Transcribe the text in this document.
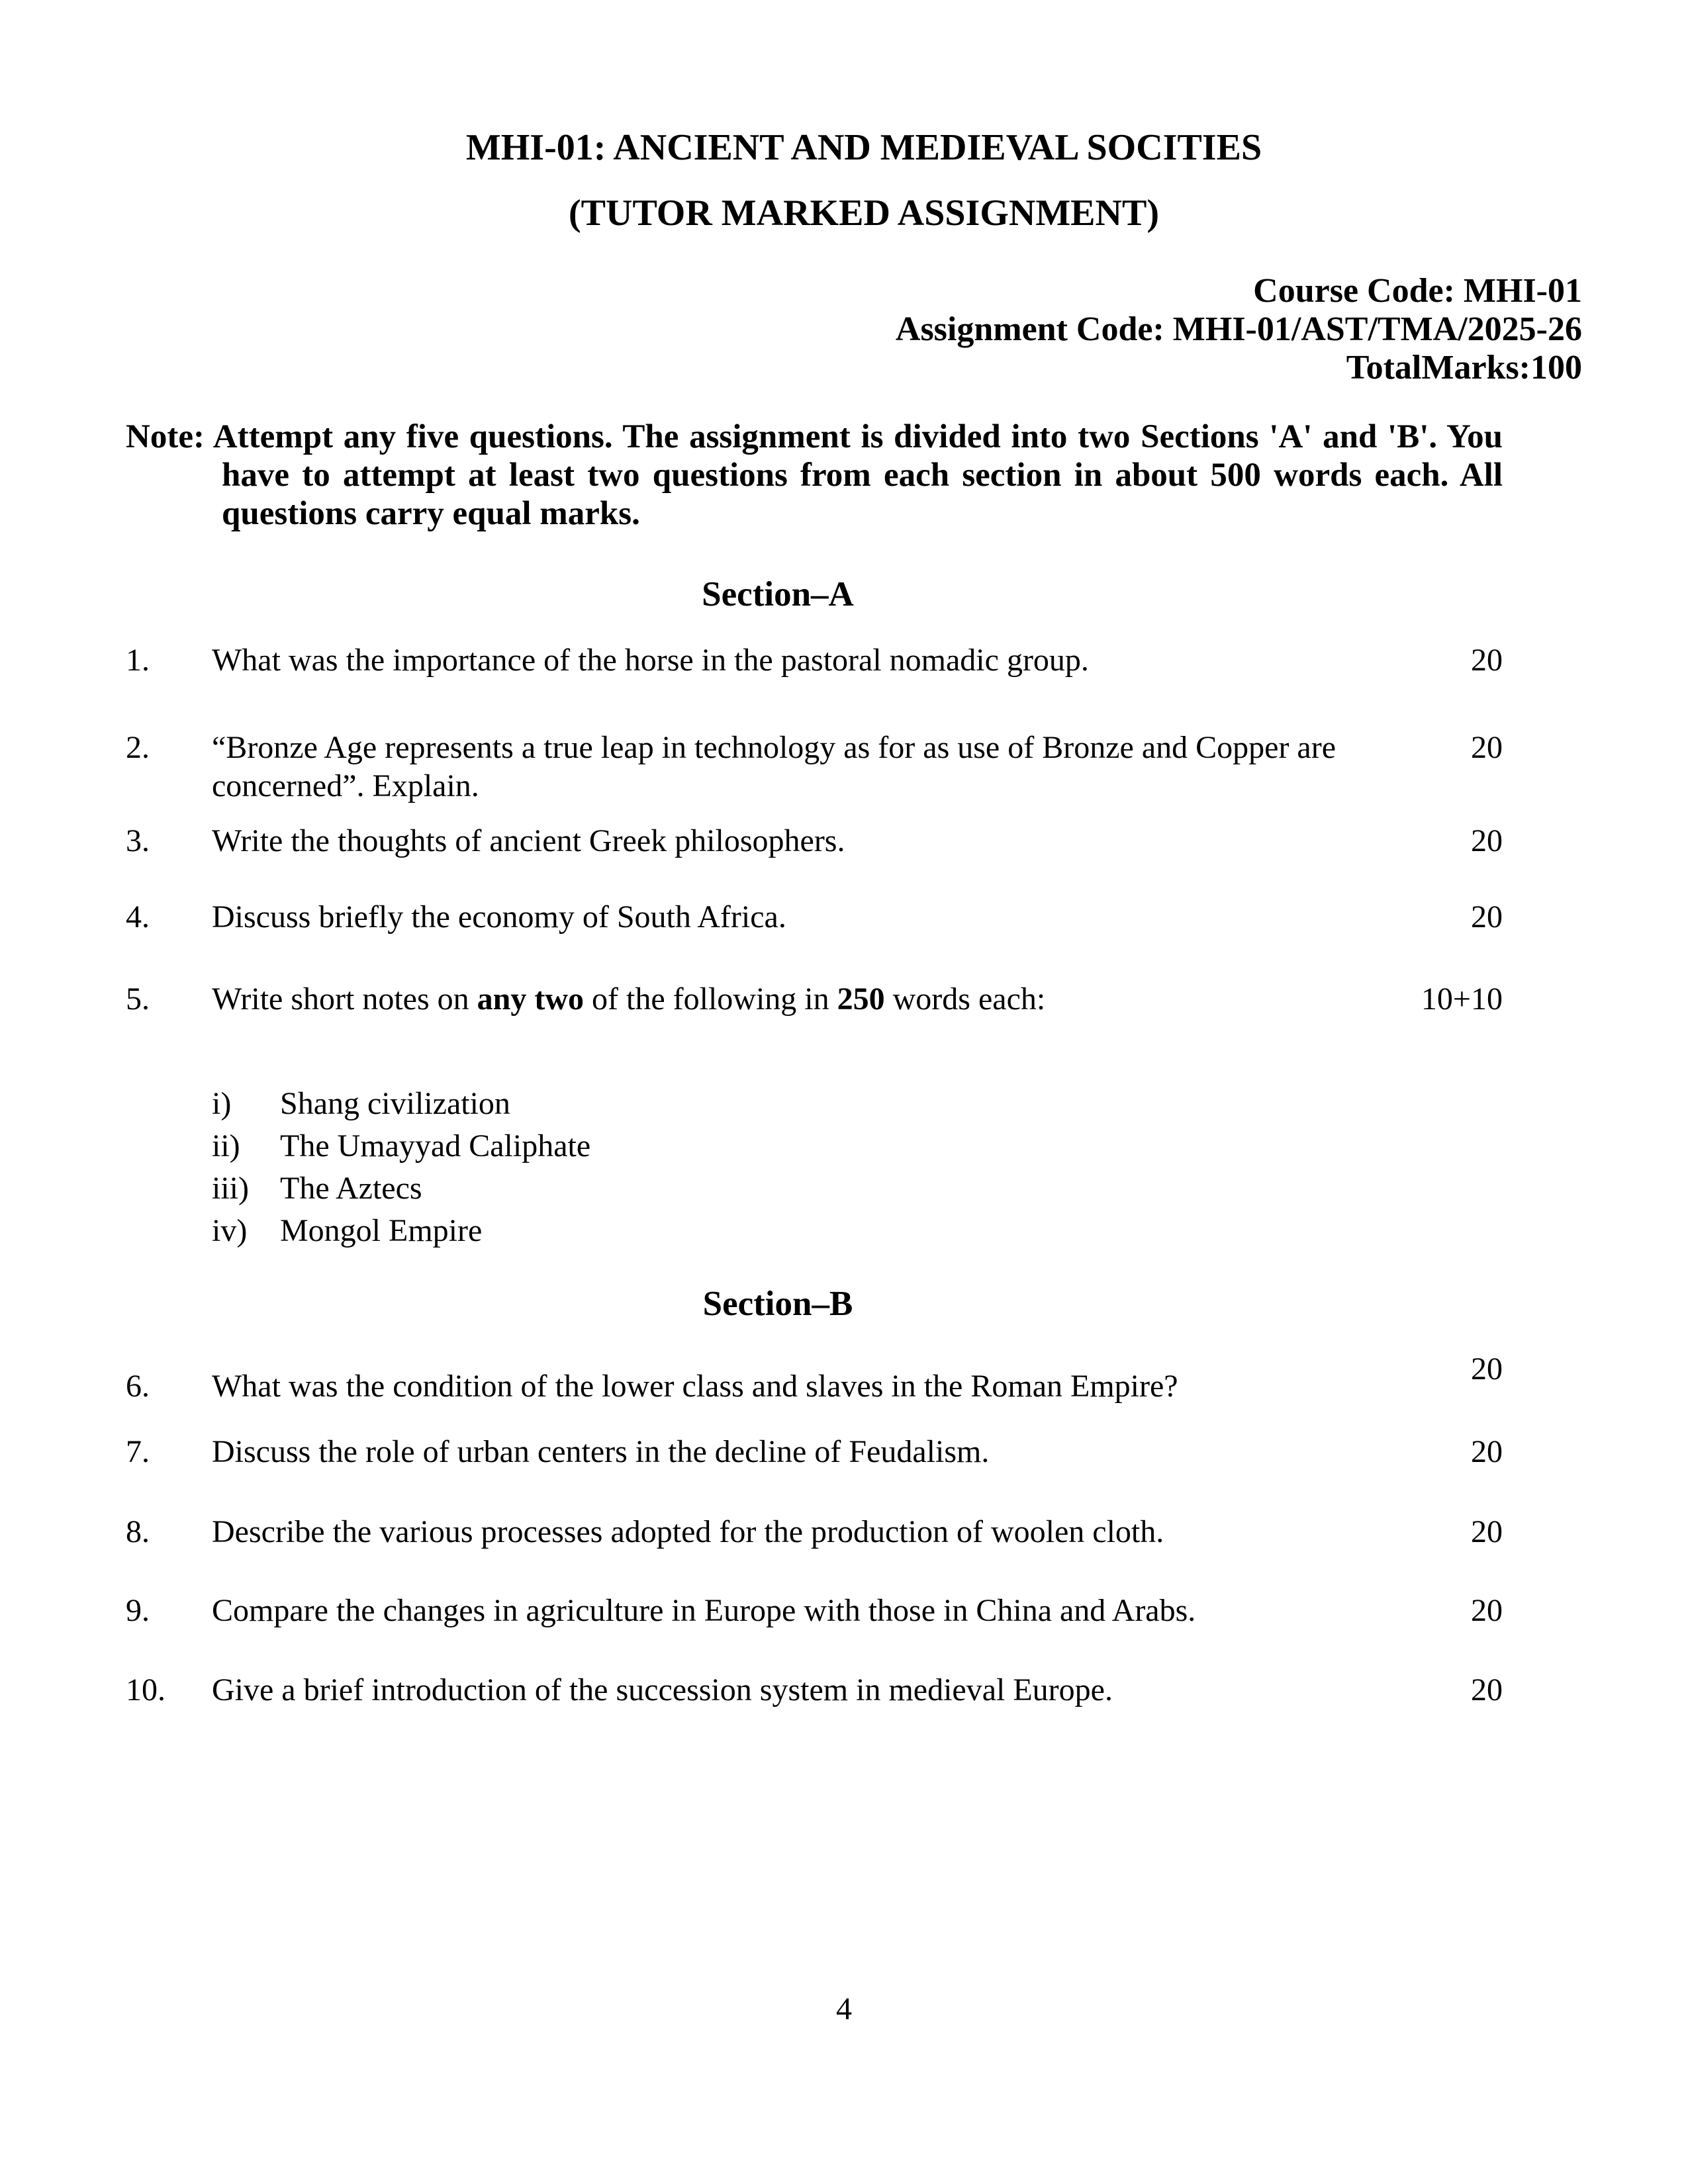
MHI-01: ANCIENT AND MEDIEVAL SOCITIES
(TUTOR MARKED ASSIGNMENT)
Course Code: MHI-01
Assignment Code: MHI-01/AST/TMA/2025-26
TotalMarks:100
Note: Attempt any five questions. The assignment is divided into two Sections 'A' and 'B'. You have to attempt at least two questions from each section in about 500 words each. All questions carry equal marks.
Section–A
1.	What was the importance of the horse in the pastoral nomadic group.	20
2.	“Bronze Age represents a true leap in technology as for as use of Bronze and Copper are
concerned”. Explain.
20
3.	Write the thoughts of ancient Greek philosophers.	20
4.	Discuss briefly the economy of South Africa.	20
5.	Write short notes on any two of the following in 250 words each:	10+10
i)	Shang civilization
ii)	The Umayyad Caliphate
iii) The Aztecs
iv)	Mongol Empire
Section–B
6.	What was the condition of the lower class and slaves in the Roman Empire?	20
7.	Discuss the role of urban centers in the decline of Feudalism.	20
8.	Describe the various processes adopted for the production of woolen cloth.	20
9.	Compare the changes in agriculture in Europe with those in China and Arabs.	20
10.	Give a brief introduction of the succession system in medieval Europe.	20
4
